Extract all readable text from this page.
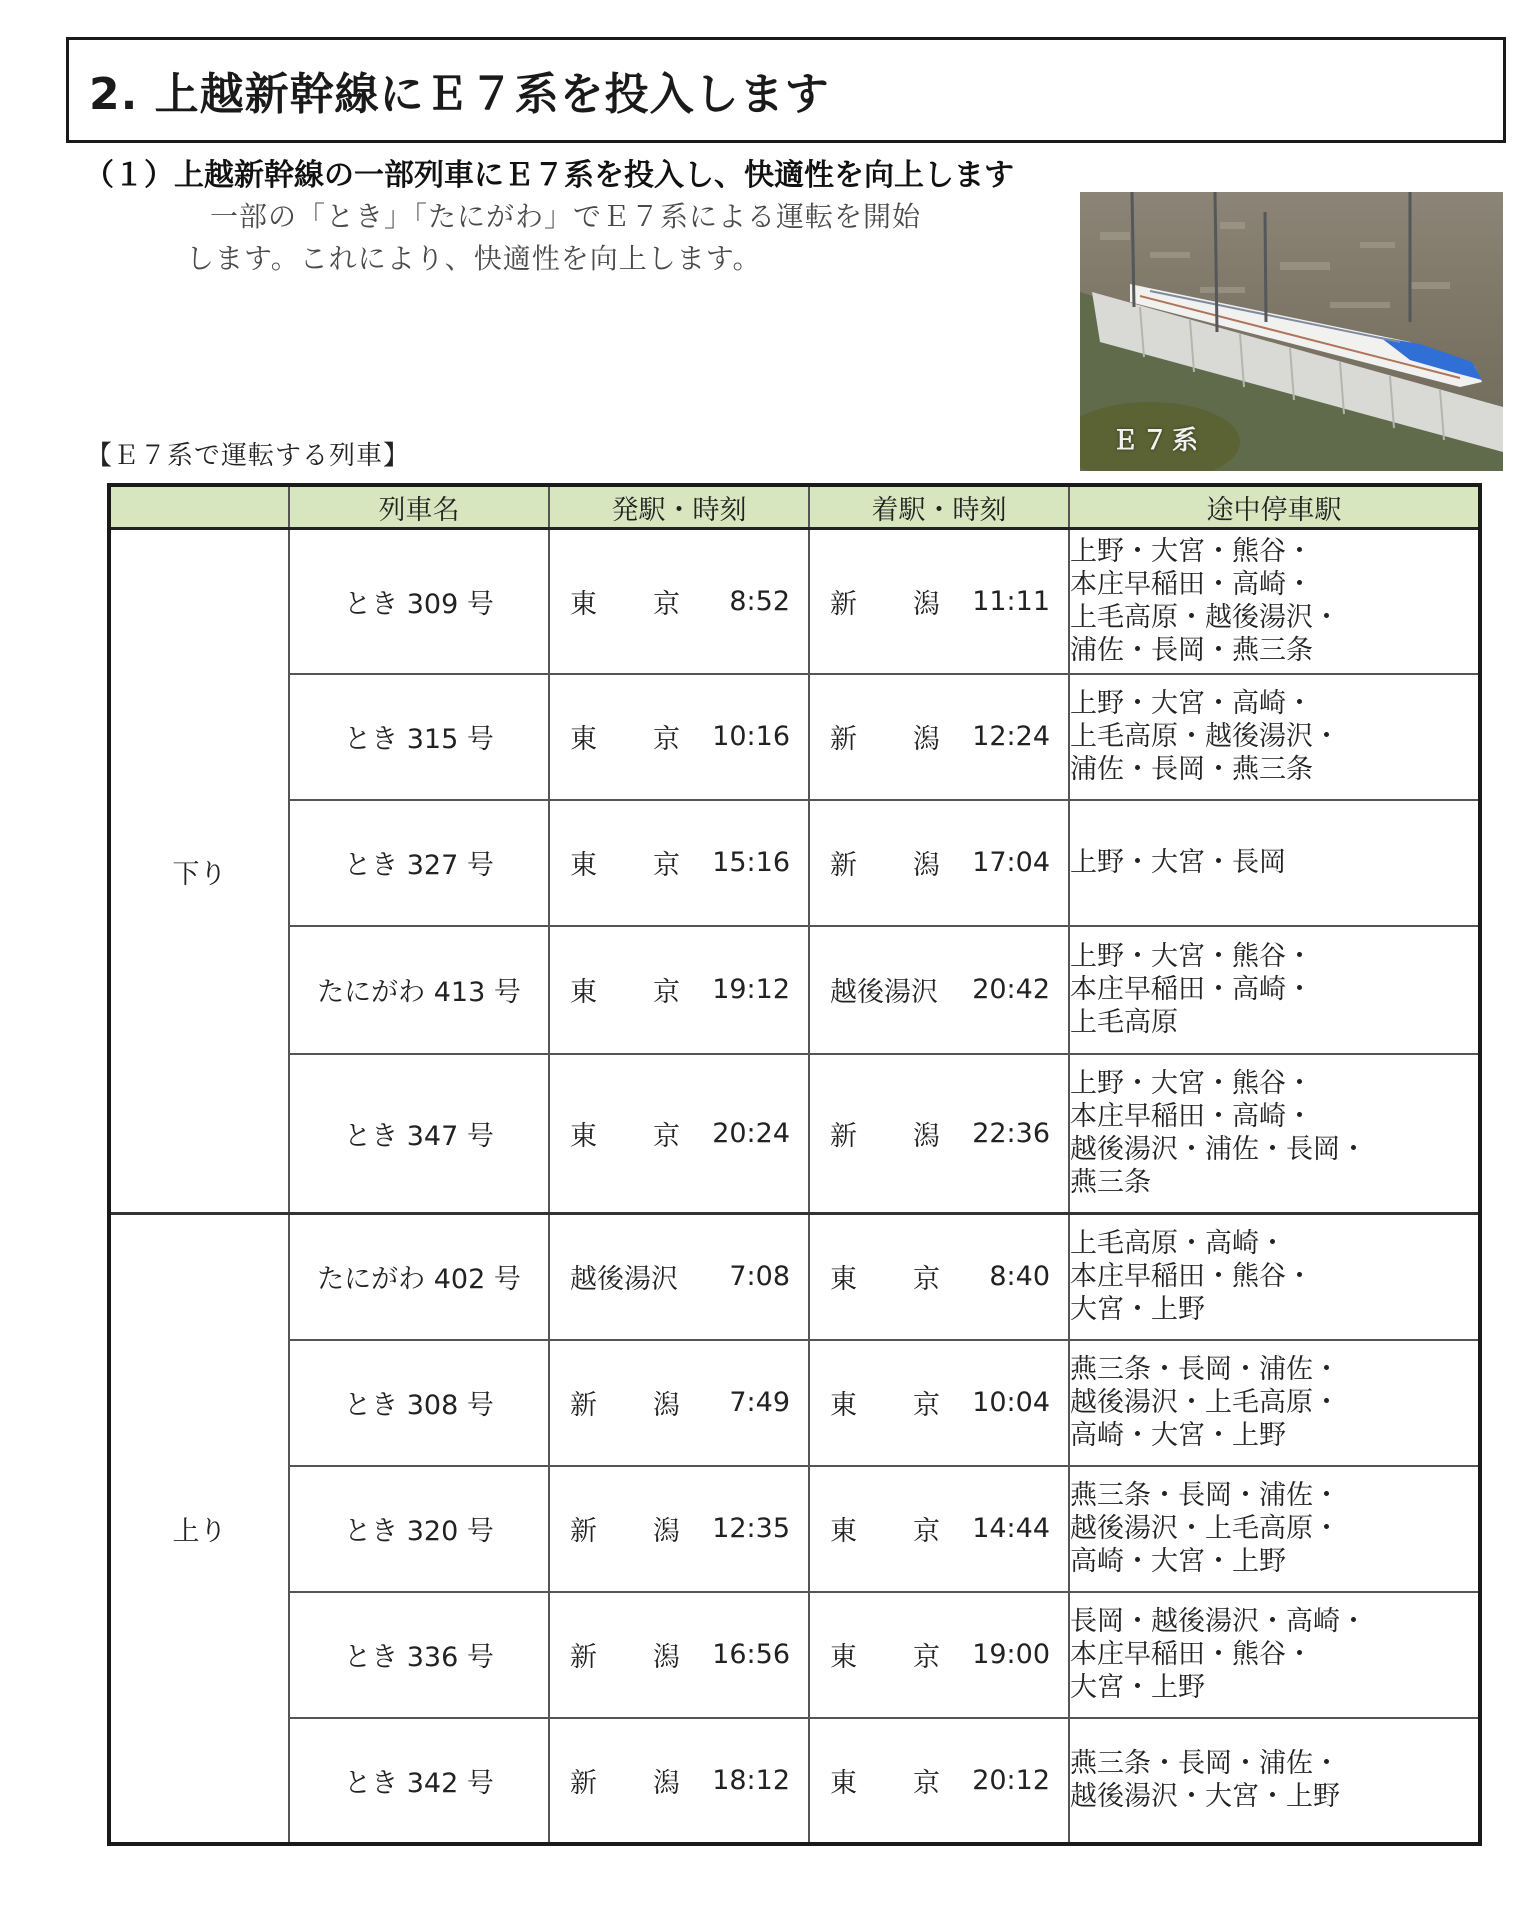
2. 上越新幹線にＥ７系を投入します
（１）上越新幹線の一部列車にＥ７系を投入し、快適性を向上します
一部の「とき」「たにがわ」でＥ７系による運転を開始
します。これにより、快適性を向上します。
Ｅ７系
【Ｅ７系で運転する列車】
	列車名	発駅・時刻	着駅・時刻	途中停車駅
下り	とき 309 号	東 京 8:52	新 潟 11:11	上野・大宮・熊谷・
本庄早稲田・高崎・
上毛高原・越後湯沢・
浦佐・長岡・燕三条

	とき 315 号	東 京 10:16	新 潟 12:24	上野・大宮・高崎・
上毛高原・越後湯沢・
浦佐・長岡・燕三条

	とき 327 号	東 京 15:16	新 潟 17:04	上野・大宮・長岡

	たにがわ 413 号	東 京 19:12	越後湯沢 20:42	上野・大宮・熊谷・
本庄早稲田・高崎・
上毛高原

	とき 347 号	東 京 20:24	新 潟 22:36	上野・大宮・熊谷・
本庄早稲田・高崎・
越後湯沢・浦佐・長岡・
燕三条

上り	たにがわ 402 号	越後湯沢 7:08	東 京 8:40	上毛高原・高崎・
本庄早稲田・熊谷・
大宮・上野

	とき 308 号	新 潟 7:49	東 京 10:04	燕三条・長岡・浦佐・
越後湯沢・上毛高原・
高崎・大宮・上野

	とき 320 号	新 潟 12:35	東 京 14:44	燕三条・長岡・浦佐・
越後湯沢・上毛高原・
高崎・大宮・上野

	とき 336 号	新 潟 16:56	東 京 19:00	長岡・越後湯沢・高崎・
本庄早稲田・熊谷・
大宮・上野

	とき 342 号	新 潟 18:12	東 京 20:12	燕三条・長岡・浦佐・
越後湯沢・大宮・上野
